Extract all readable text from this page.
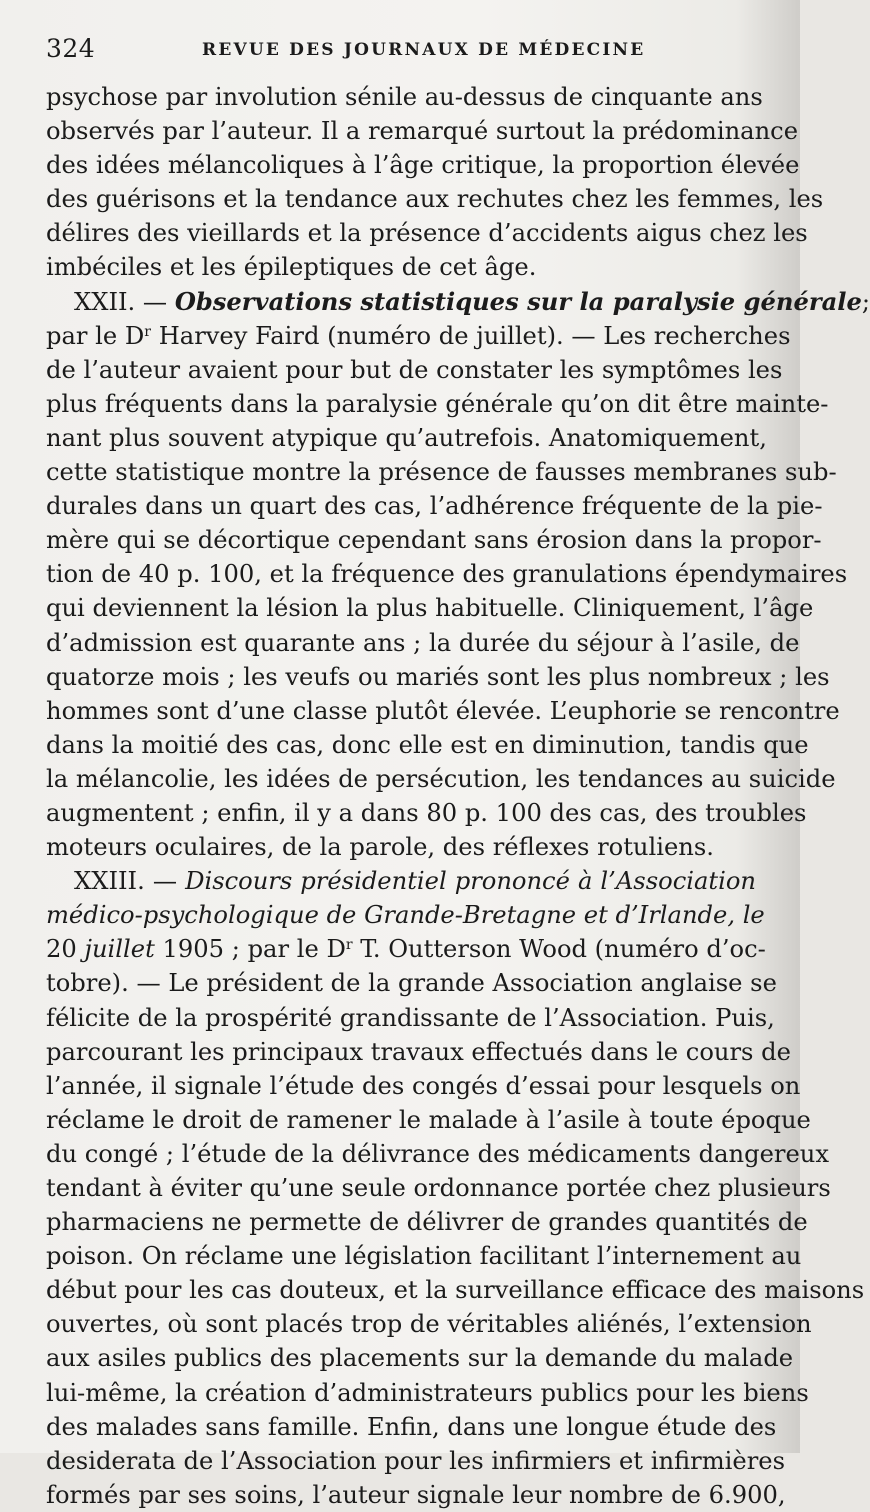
324	REVUE DES JOURNAUX DE MÉDECINE
psychose par involution sénile au-dessus de cinquante ans
observés par l’auteur. Il a remarqué surtout la prédominance
des idées mélancoliques à l’âge critique, la proportion élevée
des guérisons et la tendance aux rechutes chez les femmes, les
délires des vieillards et la présence d’accidents aigus chez les
imbéciles et les épileptiques de cet âge.
XXII. — Observations statistiques sur la paralysie générale;
par le $D^r$ Harvey Faird (numéro de juillet). — Les recherches
de l’auteur avaient pour but de constater les symptômes les
plus fréquents dans la paralysie générale qu’on dit être mainte-
nant plus souvent atypique qu’autrefois. Anatomiquement,
cette statistique montre la présence de fausses membranes sub-
durales dans un quart des cas, l’adhérence fréquente de la pie-
mère qui se décortique cependant sans érosion dans la propor-
tion de 40 p. 100, et la fréquence des granulations épendymaires
qui deviennent la lésion la plus habituelle. Cliniquement, l’âge
d’admission est quarante ans ; la durée du séjour à l’asile, de
quatorze mois ; les veufs ou mariés sont les plus nombreux ; les
hommes sont d’une classe plutôt élevée. L’euphorie se rencontre
dans la moitié des cas, donc elle est en diminution, tandis que
la mélancolie, les idées de persécution, les tendances au suicide
augmentent ; enfin, il y a dans 80 p. 100 des cas, des troubles
moteurs oculaires, de la parole, des réflexes rotuliens.
XXIII. — Discours présidentiel prononcé à l’Association
médico-psychologique de Grande-Bretagne et d’Irlande, le
20 juillet 1905 ; par le $D^r$ T. Outterson Wood (numéro d’oc-
tobre). — Le président de la grande Association anglaise se
félicite de la prospérité grandissante de l’Association. Puis,
parcourant les principaux travaux effectués dans le cours de
l’année, il signale l’étude des congés d’essai pour lesquels on
réclame le droit de ramener le malade à l’asile à toute époque
du congé ; l’étude de la délivrance des médicaments dangereux
tendant à éviter qu’une seule ordonnance portée chez plusieurs
pharmaciens ne permette de délivrer de grandes quantités de
poison. On réclame une législation facilitant l’internement au
début pour les cas douteux, et la surveillance efficace des maisons
ouvertes, où sont placés trop de véritables aliénés, l’extension
aux asiles publics des placements sur la demande du malade
lui-même, la création d’administrateurs publics pour les biens
des malades sans famille. Enfin, dans une longue étude des
desiderata de l’Association pour les infirmiers et infirmières
formés par ses soins, l’auteur signale leur nombre de 6.900,
